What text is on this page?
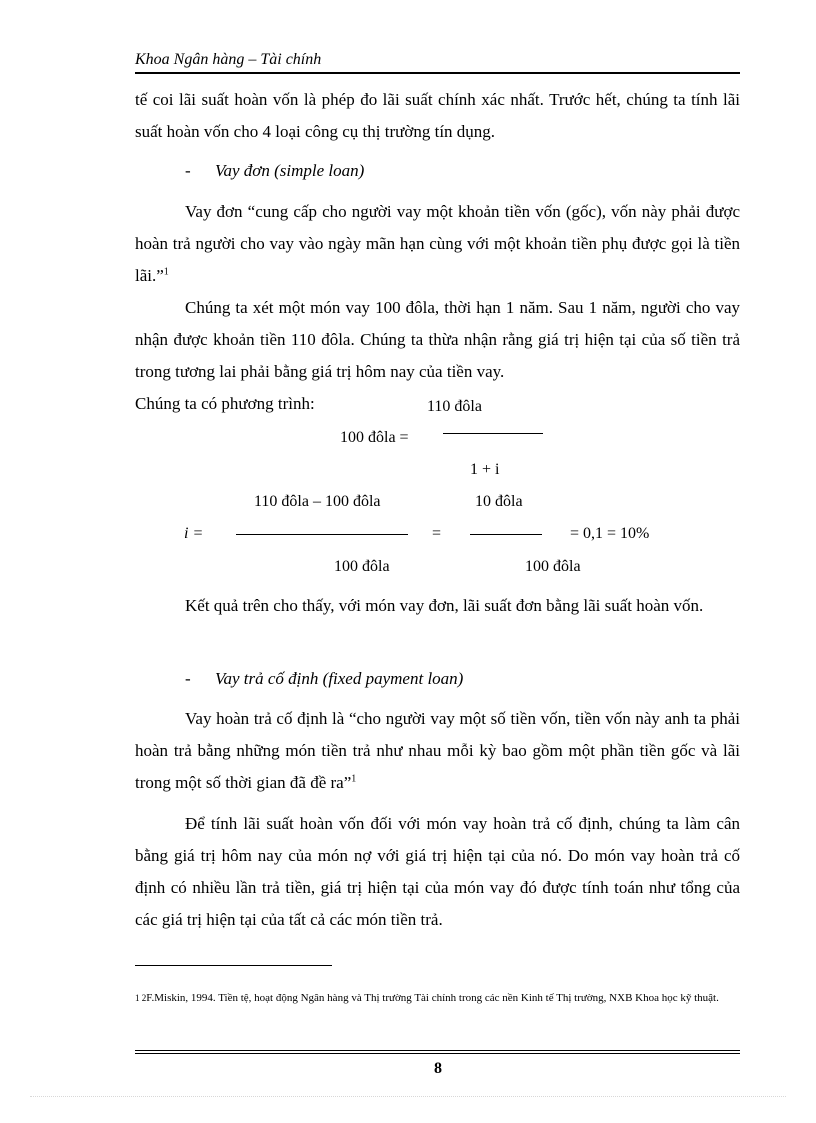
Khoa Ngân hàng – Tài chính
tế coi lãi suất hoàn vốn là phép đo lãi suất chính xác nhất. Trước hết, chúng ta tính lãi suất hoàn vốn cho 4 loại công cụ thị trường tín dụng.
- Vay đơn (simple loan)
Vay đơn “cung cấp cho người vay một khoản tiền vốn (gốc), vốn này phải được hoàn trả người cho vay vào ngày mãn hạn cùng với một khoản tiền phụ được gọi là tiền lãi.”$^1$
Chúng ta xét một món vay 100 đôla, thời hạn 1 năm. Sau 1 năm, người cho vay nhận được khoản tiền 110 đôla. Chúng ta thừa nhận rằng giá trị hiện tại của số tiền trả trong tương lai phải bằng giá trị hôm nay của tiền vay.
Chúng ta có phương trình:	110 đôla
100 đôla =
1 + i
110 đôla – 100 đôla	10 đôla
i =	=	= 0,1 = 10%
100 đôla	100 đôla
Kết quả trên cho thấy, với món vay đơn, lãi suất đơn bằng lãi suất hoàn vốn.
- Vay trả cố định (fixed payment loan)
Vay hoàn trả cố định là “cho người vay một số tiền vốn, tiền vốn này anh ta phải hoàn trả bằng những món tiền trả như nhau mỗi kỳ bao gồm một phần tiền gốc và lãi trong một số thời gian đã đề ra”$^1$
Để tính lãi suất hoàn vốn đối với món vay hoàn trả cố định, chúng ta làm cân bằng giá trị hôm nay của món nợ với giá trị hiện tại của nó. Do món vay hoàn trả cố định có nhiều lần trả tiền, giá trị hiện tại của món vay đó được tính toán như tổng của các giá trị hiện tại của tất cả các món tiền trả.
$^{1 2}$F.Miskin, 1994. Tiền tệ, hoạt động Ngân hàng và Thị trường Tài chính trong các nền Kinh tế Thị trường, NXB Khoa học kỹ thuật.
8
